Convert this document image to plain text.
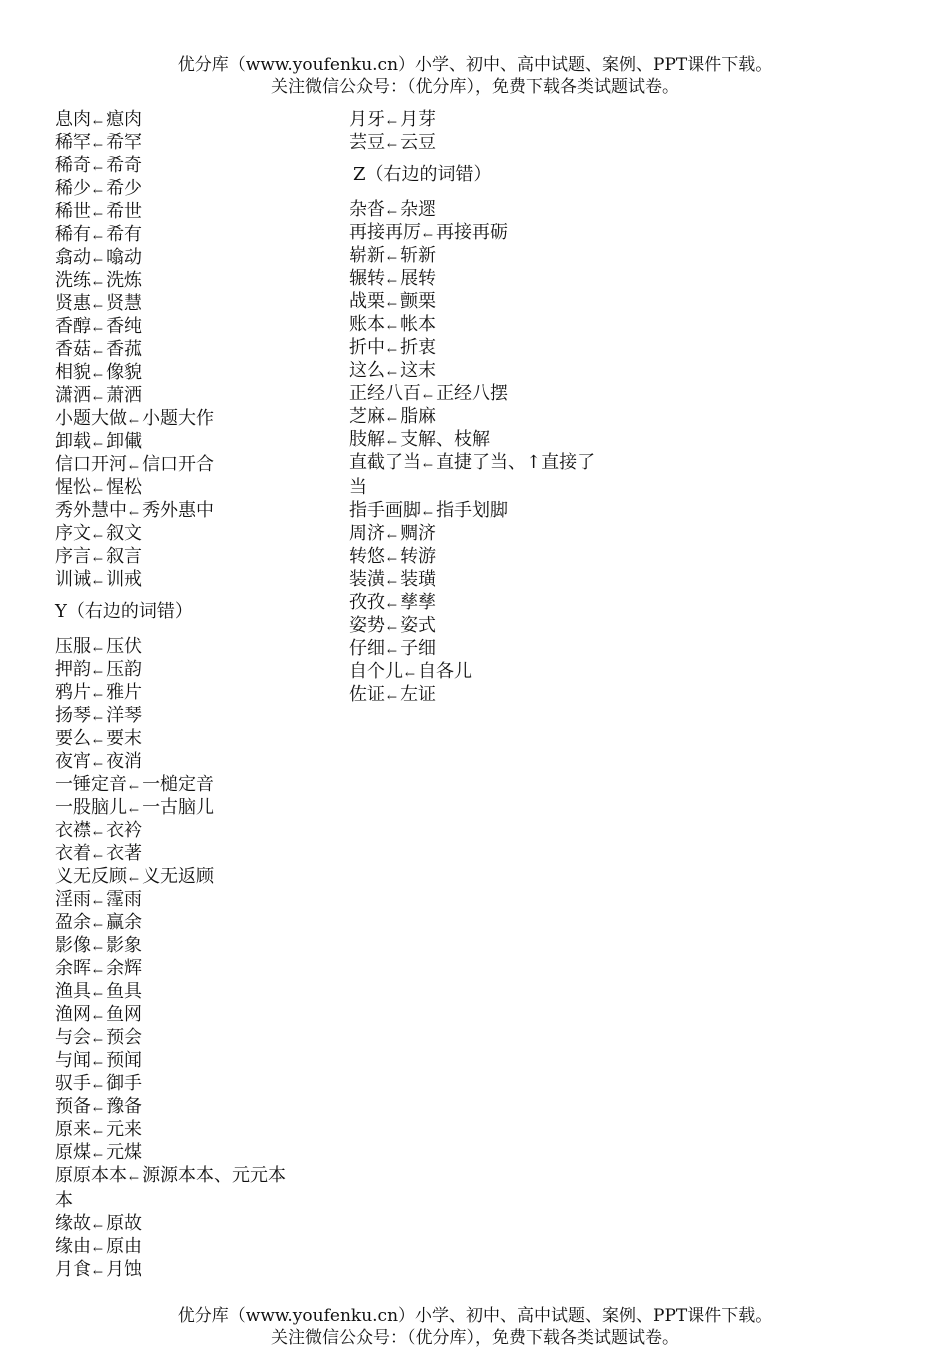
优分库（www.youfenku.cn）小学、初中、高中试题、案例、PPT课件下载。
关注微信公众号：（优分库），免费下载各类试题试卷。
息肉 ← 瘜肉
稀罕 ← 希罕
稀奇 ← 希奇
稀少 ← 希少
稀世 ← 希世
稀有 ← 希有
翕动 ← 噏动
洗练 ← 洗炼
贤惠 ← 贤慧
香醇 ← 香纯
香菇 ← 香菰
相貌 ← 像貌
潇洒 ← 萧洒
小题大做 ← 小题大作
卸载 ← 卸儎
信口开河 ← 信口开合
惺忪 ← 惺松
秀外慧中 ← 秀外惠中
序文 ← 叙文
序言 ← 叙言
训诫 ← 训戒
Y（右边的词错）
压服 ← 压伏
押韵 ← 压韵
鸦片 ← 雅片
扬琴 ← 洋琴
要么 ← 要末
夜宵 ← 夜消
一锤定音 ← 一槌定音
一股脑儿 ← 一古脑儿
衣襟 ← 衣衿
衣着 ← 衣著
义无反顾 ← 义无返顾
淫雨 ← 霪雨
盈余 ← 赢余
影像 ← 影象
余晖 ← 余辉
渔具 ← 鱼具
渔网 ← 鱼网
与会 ← 预会
与闻 ← 预闻
驭手 ← 御手
预备 ← 豫备
原来 ← 元来
原煤 ← 元煤
原原本本 ← 源源本本、元元本本
缘故 ← 原故
缘由 ← 原由
月食 ← 月蚀
月牙 ← 月芽
芸豆 ← 云豆
Z（右边的词错）
杂沓 ← 杂遝
再接再厉 ← 再接再砺
崭新 ← 斩新
辗转 ← 展转
战栗 ← 颤栗
账本 ← 帐本
折中 ← 折衷
这么 ← 这末
正经八百 ← 正经八摆
芝麻 ← 脂麻
肢解 ← 支解、枝解
直截了当 ← 直捷了当、↑直接了当
指手画脚 ← 指手划脚
周济 ← 赒济
转悠 ← 转游
装潢 ← 装璜
孜孜 ← 孳孳
姿势 ← 姿式
仔细 ← 子细
自个儿 ← 自各儿
佐证 ← 左证
优分库（www.youfenku.cn）小学、初中、高中试题、案例、PPT课件下载。
关注微信公众号：（优分库），免费下载各类试题试卷。
